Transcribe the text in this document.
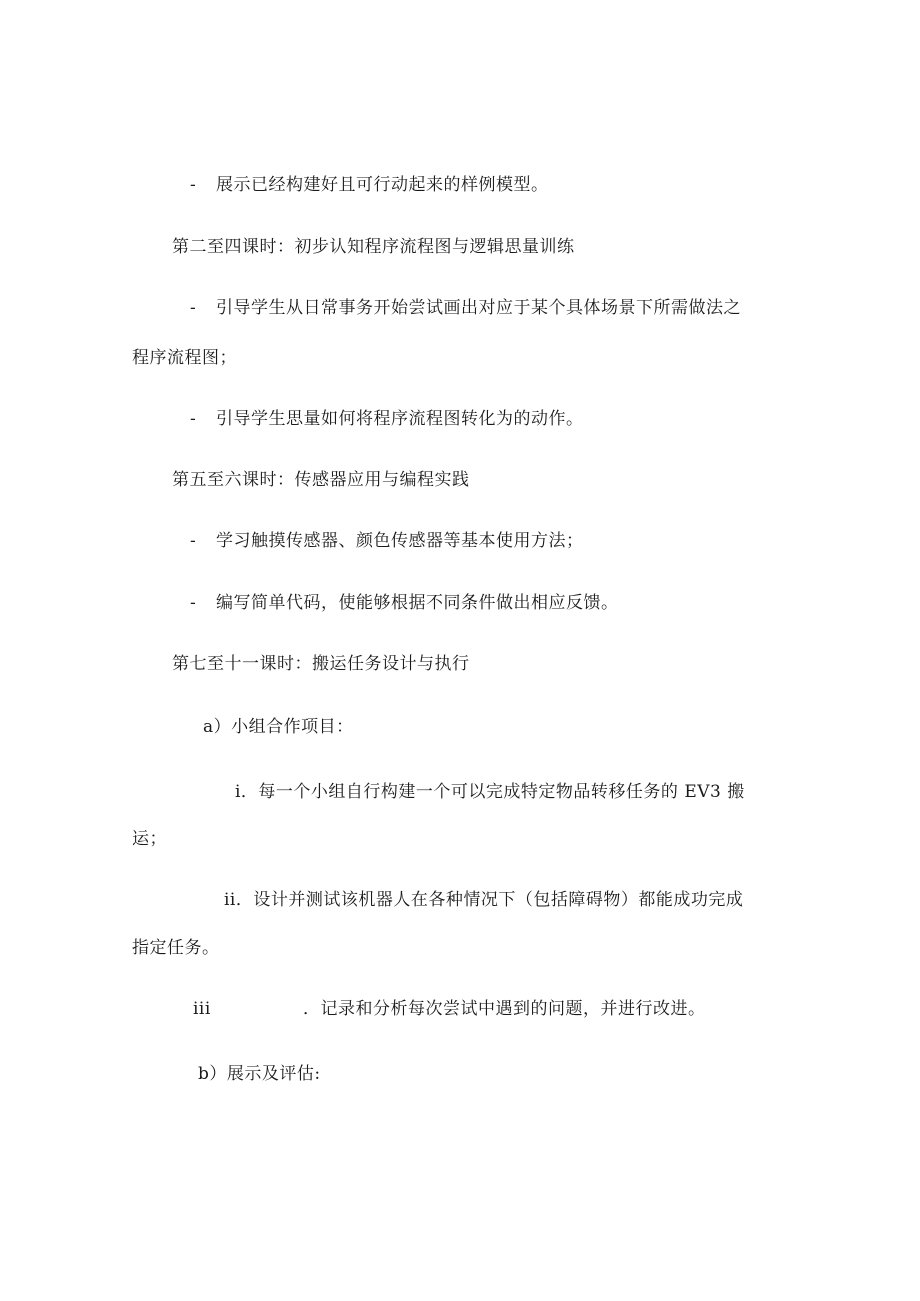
- 展示已经构建好且可行动起来的样例模型。
第二至四课时：初步认知程序流程图与逻辑思量训练
- 引导学生从日常事务开始尝试画出对应于某个具体场景下所需做法之
程序流程图；
- 引导学生思量如何将程序流程图转化为的动作。
第五至六课时：传感器应用与编程实践
- 学习触摸传感器、颜色传感器等基本使用方法；
- 编写简单代码，使能够根据不同条件做出相应反馈。
第七至十一课时：搬运任务设计与执行
a）小组合作项目：
i．每一个小组自行构建一个可以完成特定物品转移任务的 EV3 搬
运；
ii．设计并测试该机器人在各种情况下（包括障碍物）都能成功完成
指定任务。
iii	．记录和分析每次尝试中遇到的问题，并进行改进。
b）展示及评估:
